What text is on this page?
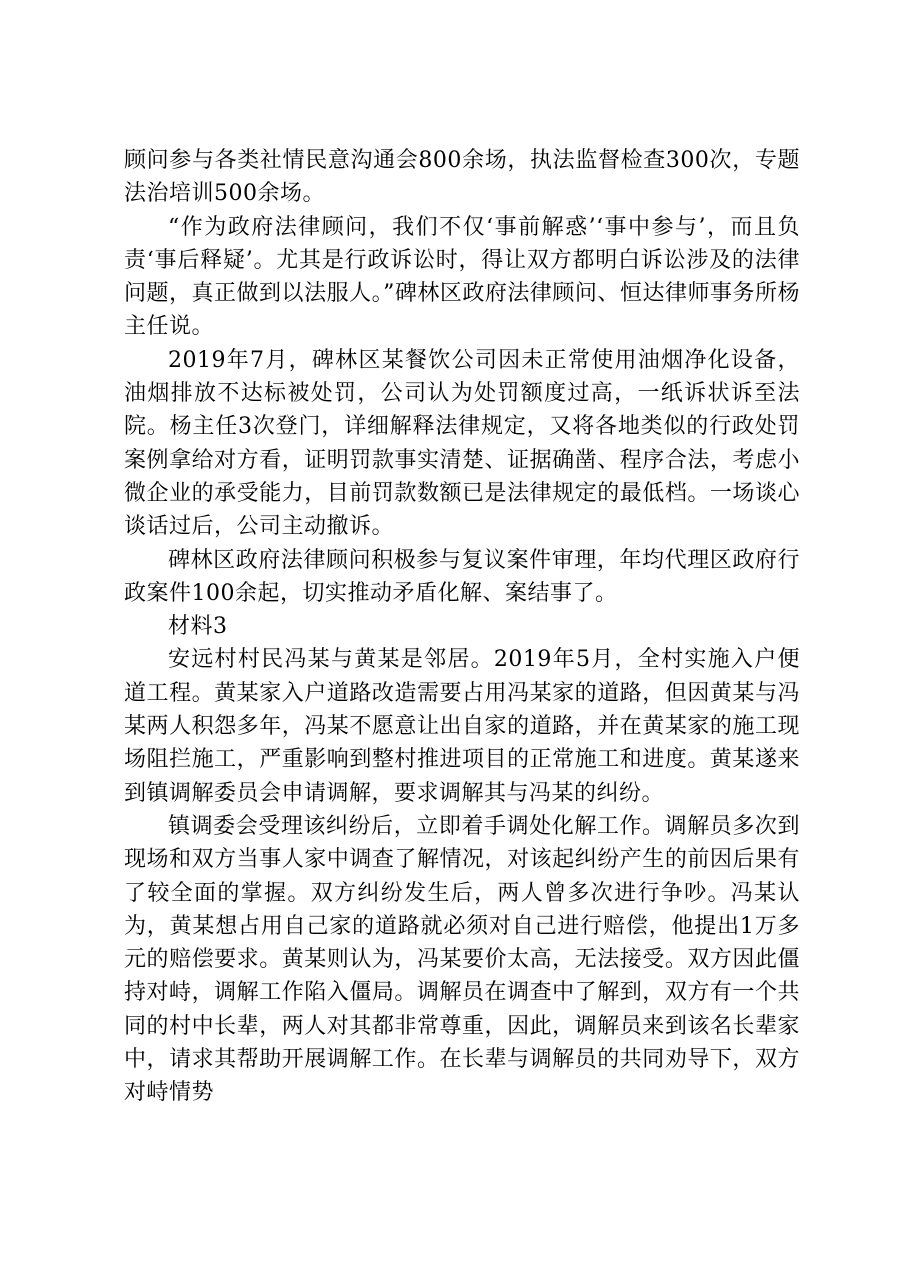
顾问参与各类社情民意沟通会800余场，执法监督检查300次，专题法治培训500余场。

“作为政府法律顾问，我们不仅‘事前解惑’‘事中参与’，而且负责‘事后释疑’。尤其是行政诉讼时，得让双方都明白诉讼涉及的法律问题，真正做到以法服人。”碑林区政府法律顾问、恒达律师事务所杨主任说。

2019年7月，碑林区某餐饮公司因未正常使用油烟净化设备，油烟排放不达标被处罚，公司认为处罚额度过高，一纸诉状诉至法院。杨主任3次登门，详细解释法律规定，又将各地类似的行政处罚案例拿给对方看，证明罚款事实清楚、证据确凿、程序合法，考虑小微企业的承受能力，目前罚款数额已是法律规定的最低档。一场谈心谈话过后，公司主动撤诉。

碑林区政府法律顾问积极参与复议案件审理，年均代理区政府行政案件100余起，切实推动矛盾化解、案结事了。

材料3

安远村村民冯某与黄某是邻居。2019年5月，全村实施入户便道工程。黄某家入户道路改造需要占用冯某家的道路，但因黄某与冯某两人积怨多年，冯某不愿意让出自家的道路，并在黄某家的施工现场阻拦施工，严重影响到整村推进项目的正常施工和进度。黄某遂来到镇调解委员会申请调解，要求调解其与冯某的纠纷。

镇调委会受理该纠纷后，立即着手调处化解工作。调解员多次到现场和双方当事人家中调查了解情况，对该起纠纷产生的前因后果有了较全面的掌握。双方纠纷发生后，两人曾多次进行争吵。冯某认为，黄某想占用自己家的道路就必须对自己进行赔偿，他提出1万多元的赔偿要求。黄某则认为，冯某要价太高，无法接受。双方因此僵持对峙，调解工作陷入僵局。调解员在调查中了解到，双方有一个共同的村中长辈，两人对其都非常尊重，因此，调解员来到该名长辈家中，请求其帮助开展调解工作。在长辈与调解员的共同劝导下，双方对峙情势
